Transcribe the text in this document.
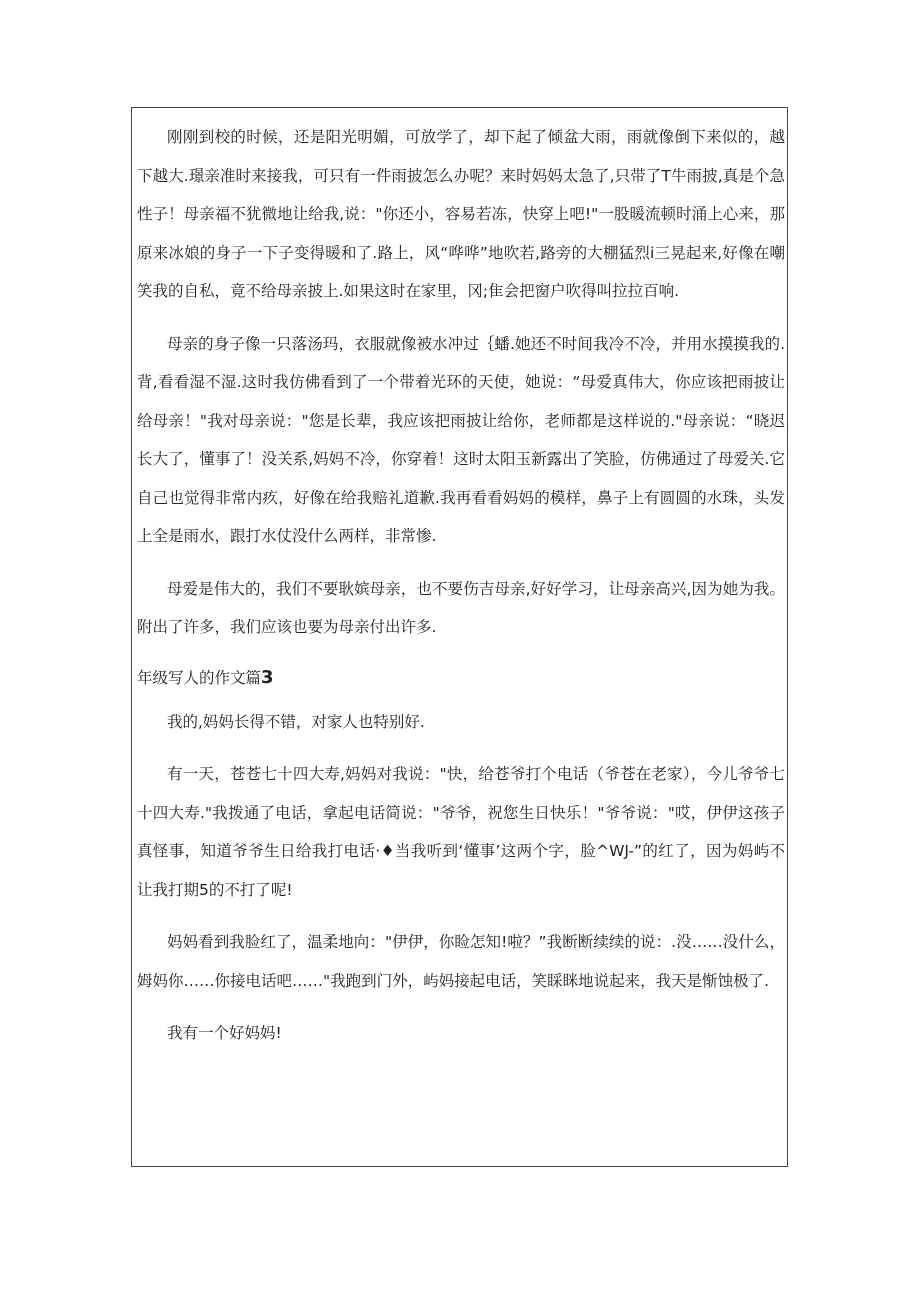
刚刚到校的时候，还是阳光明媚，可放学了，却下起了倾盆大雨，雨就像倒下来似的，越下越大.璟亲准时来接我，可只有一件雨披怎么办呢？来时妈妈太急了,只带了T牛雨披,真是个急性子！母亲福不犹微地让给我,说："你还小，容易若冻，快穿上吧!"一股暖流顿时涌上心来，那原来冰娘的身子一下子变得暖和了.路上，风“哗哗”地吹若,路旁的大棚猛烈i三晃起来,好像在嘲笑我的自私，竟不给母亲披上.如果这时在家里，冈;隹会把窗户吹得叫拉拉百响.

母亲的身子像一只落汤玛，衣服就像被水冲过｛蟠.她还不时间我冷不冷，并用水摸摸我的.背,看看湿不湿.这时我仿佛看到了一个带着光环的天使，她说：“母爱真伟大，你应该把雨披让给母亲！"我对母亲说："您是长辈，我应该把雨披让给你，老师都是这样说的."母亲说：“晓迟长大了，懂事了！没关系,妈妈不冷，你穿着！这时太阳玉新露出了笑脸，仿佛通过了母爱关.它自己也觉得非常内疚，好像在给我赔礼道歉.我再看看妈妈的模样，鼻子上有圆圆的水珠，头发上全是雨水，跟打水仗没什么两样，非常惨.

母爱是伟大的，我们不要耿嫔母亲，也不要伤吉母亲,好好学习，让母亲高兴,因为她为我。附出了许多，我们应该也要为母亲付出许多.

年级写人的作文篇3

我的,妈妈长得不错，对家人也特别好.

有一天，苍苍七十四大寿,妈妈对我说："快，给苍爷打个电话（爷苍在老家），今儿爷爷七十四大寿."我拨通了电话，拿起电话简说："爷爷，祝您生日快乐！"爷爷说："哎，伊伊这孩子真怪事，知道爷爷生日给我打电话·♦当我听到‘懂事’这两个字，脸^WJ-”的红了，因为妈屿不让我打期5的不打了呢!

妈妈看到我脸红了，温柔地向："伊伊，你睑怎知!啦？”我断断续续的说：.没……没什么，姆妈你……你接电话吧……"我跑到门外，屿妈接起电话，笑睬眯地说起来，我天是惭蚀极了.

我有一个好妈妈!
